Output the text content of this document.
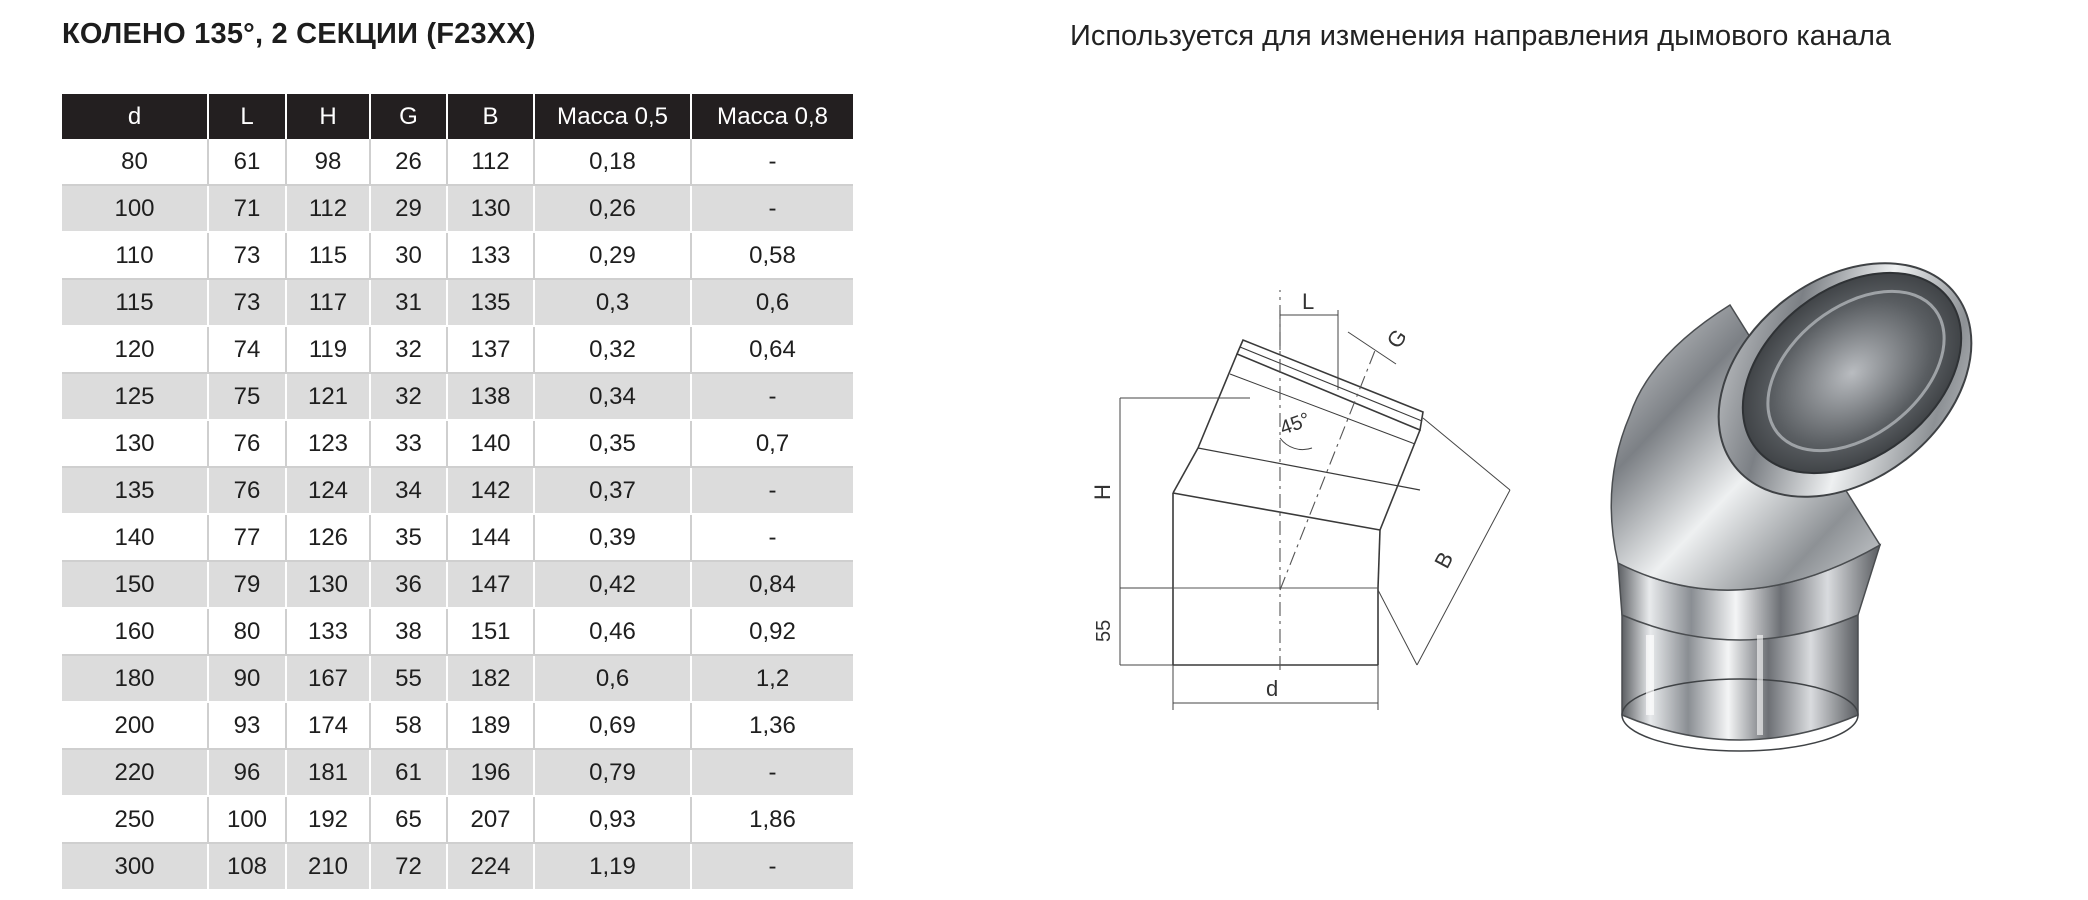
КОЛЕНО 135°, 2 СЕКЦИИ (F23XX)	Используется для изменения направления дымового канала

d	L	H	G	B	Масса 0,5	Масса 0,8
80	61	98	26	112	0,18	-
100	71	112	29	130	0,26	-
110	73	115	30	133	0,29	0,58
115	73	117	31	135	0,3	0,6
120	74	119	32	137	0,32	0,64
125	75	121	32	138	0,34	-
130	76	123	33	140	0,35	0,7
135	76	124	34	142	0,37	-
140	77	126	35	144	0,39	-
150	79	130	36	147	0,42	0,84
160	80	133	38	151	0,46	0,92
180	90	167	55	182	0,6	1,2
200	93	174	58	189	0,69	1,36
220	96	181	61	196	0,79	-
250	100	192	65	207	0,93	1,86
300	108	210	72	224	1,19	-
L
G
H
55
B
d
45°
